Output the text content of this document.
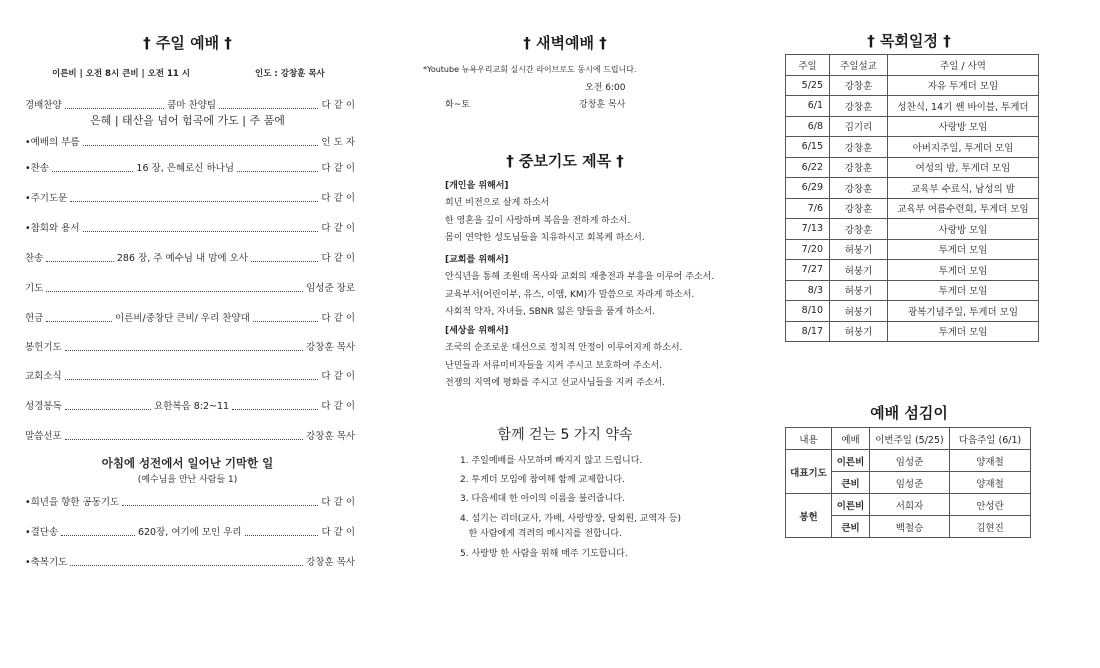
† 주일 예배 †
이른비 | 오전 8시 큰비 | 오전 11 시	인도 : 강창훈 목사
경배찬양	쿰마 찬양팀	다 같 이
•예배의 부름	인 도 자
•찬송	16 장, 은혜로신 하나님	다 같 이
•주기도문	다 같 이
•참회와 용서	다 같 이
찬송	286 장, 주 예수님 내 맘에 오사	다 같 이
기도	임성준 장로
헌금	이른비/중창단 큰비/ 우리 찬양대	다 같 이
봉헌기도	강창훈 목사
교회소식	다 같 이
성경봉독	요한복음 8:2~11	다 같 이
말씀선포	강창훈 목사
은혜 | 태산을 넘어 험곡에 가도 | 주 품에
아침에 성전에서 일어난 기막한 일
(예수님을 만난 사람들 1)
•희년을 향한 공동기도	다 같 이
•결단송	620장, 여기에 모인 우리	다 같 이
•축복기도	강창훈 목사
† 새벽예배 †
*Youtube 뉴욕우리교회 실시간 라이브로도 동시에 드립니다.
오전 6:00
화~토	강창훈 목사
† 중보기도 제목 †
[개인을 위해서]
희년 비전으로 살게 하소서
한 영혼을 깊이 사랑하며 복음을 전하게 하소서.
몸이 연약한 성도님들을 치유하시고 회복케 하소서.
[교회를 위해서]
안식년을 통해 조원태 목사와 교회의 재충전과 부흥을 이루어 주소서.
교육부서(어린이부, 유스, 이엠, KM)가 말씀으로 자라게 하소서.
사회적 약자, 자녀들, SBNR 잃은 양들을 품게 하소서.
[세상을 위해서]
조국의 순조로운 대선으로 정치적 안정이 이루어지게 하소서.
난민들과 서류미비자들을 지켜 주시고 보호하여 주소서.
전쟁의 지역에 평화를 주시고 선교사님들을 지켜 주소서.
함께 걷는 5 가지 약속
1. 주일예배를 사모하며 빠지지 않고 드립니다.
2. 투게더 모임에 참여해 함께 교제합니다.
3. 다음세대 한 아이의 이름을 불러줍니다.
4. 섬기는 리더(교사, 가배, 사랑방장, 당회원, 교역자 등)
한 사람에게 격려의 메시지를 전합니다.
5. 사랑방 한 사람을 위해 매주 기도합니다.
† 목회일정 †
주일	주일설교	주일 / 사역
5/25	강창훈	자유 투게더 모임
6/1	강창훈	성찬식, 14기 쎈 바이블, 투게더
6/8	김기리	사랑방 모임
6/15	강창훈	아버지주일, 투게더 모임
6/22	강창훈	여성의 밤, 투게더 모임
6/29	강창훈	교육부 수료식, 남성의 밤
7/6	강창훈	교육부 여름수련회, 투게더 모임
7/13	강창훈	사랑방 모임
7/20	허붕기	투게더 모임
7/27	허붕기	투게더 모임
8/3	허붕기	투게더 모임
8/10	허붕기	광복기념주일, 투게더 모임
8/17	허붕기	투게더 모임
예배 섬김이
내용	예배	이번주일 (5/25)	다음주일 (6/1)
대표기도	이른비	임성준	양재철
	큰비	임성준	양재철
봉헌	이른비	서희자	안성란
	큰비	백철승	김현진
